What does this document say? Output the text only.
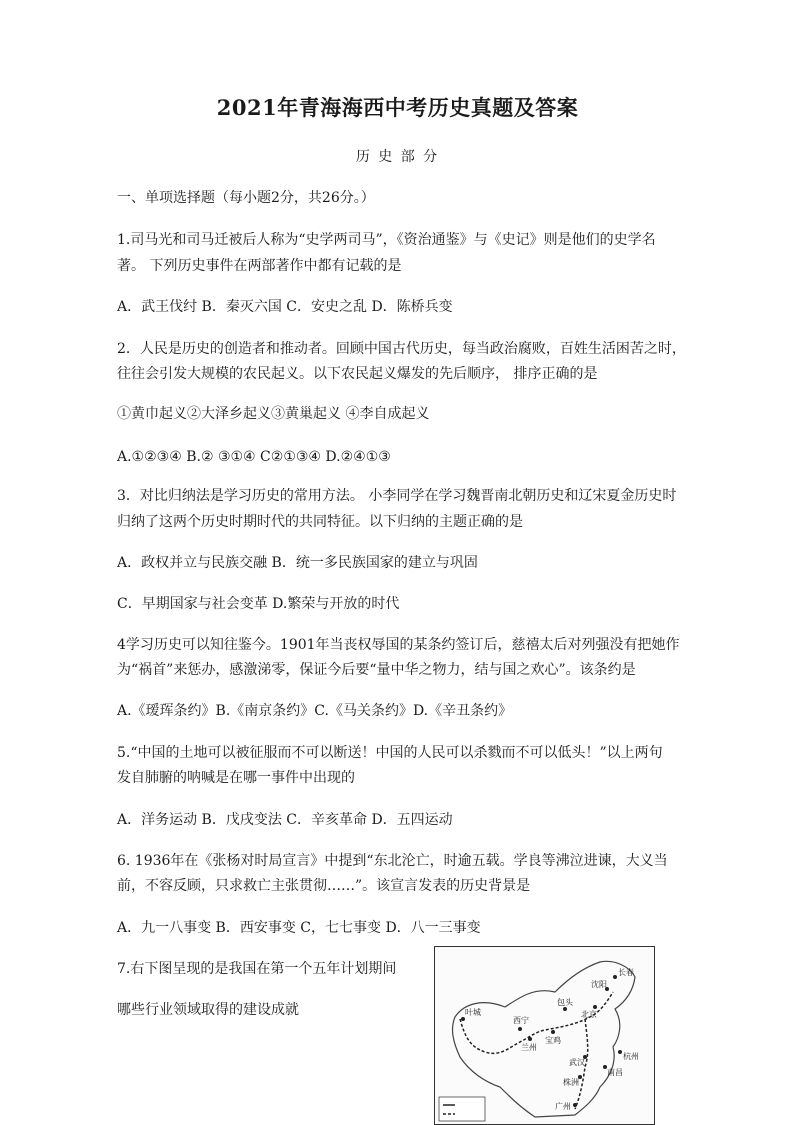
2021年青海海西中考历史真题及答案
历 史 部 分
一、单项选择题（每小题2分，共26分。）
1.司马光和司马迁被后人称为“史学两司马”，《资治通鉴》与《史记》则是他们的史学名
著。 下列历史事件在两部著作中都有记载的是
A．武王伐纣 B．秦灭六国 C．安史之乱 D．陈桥兵变
2．人民是历史的创造者和推动者。回顾中国古代历史，每当政治腐败，百姓生活困苦之时，
往往会引发大规模的农民起义。以下农民起义爆发的先后顺序， 排序正确的是
①黄巾起义②大泽乡起义③黄巢起义 ④李自成起义
A.①②③④ B.② ③①④ C②①③④ D.②④①③
3．对比归纳法是学习历史的常用方法。 小李同学在学习魏晋南北朝历史和辽宋夏金历史时
归纳了这两个历史时期时代的共同特征。以下归纳的主题正确的是
A．政权并立与民族交融 B．统一多民族国家的建立与巩固
C．早期国家与社会变革 D.繁荣与开放的时代
4学习历史可以知往鉴今。1901年当丧权辱国的某条约签订后，慈禧太后对列强没有把她作
为“祸首”来惩办，感激涕零，保证今后要“量中华之物力，结与国之欢心”。该条约是
A.《瑷珲条约》B.《南京条约》C.《马关条约》D.《辛丑条约》
5.“中国的土地可以被征服而不可以断送！中国的人民可以杀戮而不可以低头！”以上两句
发自肺腑的呐喊是在哪一事件中出现的
A．洋务运动 B．戊戌变法 C．辛亥革命 D．五四运动
6. 1936年在《张杨对时局宣言》中提到“东北沦亡，时逾五载。学良等沸泣进谏，大义当
前，不容反顾，只求救亡主张贯彻……”。该宣言发表的历史背景是
A．九一八事变 B．西安事变 C，七七事变 D．八一三事变
7.右下图呈现的是我国在第一个五年计划期间
哪些行业领域取得的建设成就	叶城
西宁
兰州
宝鸡
北京
沈阳
长春
包头
武汉
株洲
广州
南昌
杭州
